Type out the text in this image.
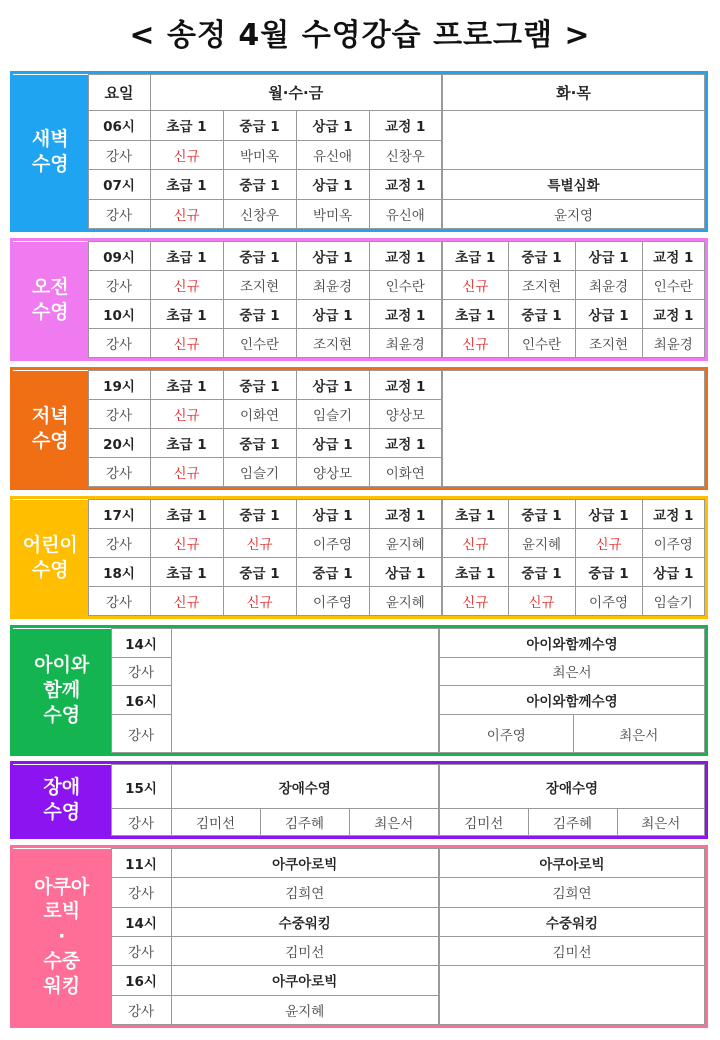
< 송정 4월 수영강습 프로그램 >
새벽
수영	요일	월·수·금				화·목
	06시	초급 1	중급 1	상급 1	교정 1	
	강사	신규	박미옥	유신애	신창우	
	07시	초급 1	중급 1	상급 1	교정 1	특별심화
	강사	신규	신창우	박미옥	유신애	윤지영
오전
수영	09시	초급 1	중급 1	상급 1	교정 1	초급 1	중급 1	상급 1	교정 1
	강사	신규	조지현	최윤경	인수란	신규	조지현	최윤경	인수란
	10시	초급 1	중급 1	상급 1	교정 1	초급 1	중급 1	상급 1	교정 1
	강사	신규	인수란	조지현	최윤경	신규	인수란	조지현	최윤경
저녁
수영	19시	초급 1	중급 1	상급 1	교정 1	
	강사	신규	이화연	임슬기	양상모	
	20시	초급 1	중급 1	상급 1	교정 1	
	강사	신규	임슬기	양상모	이화연	
어린이
수영	17시	초급 1	중급 1	상급 1	교정 1	초급 1	중급 1	상급 1	교정 1
	강사	신규	신규	이주영	윤지혜	신규	윤지혜	신규	이주영
	18시	초급 1	중급 1	중급 1	상급 1	초급 1	중급 1	중급 1	상급 1
	강사	신규	신규	이주영	윤지혜	신규	신규	이주영	임슬기
아이와
함께
수영	14시		아이와함께수영	
	강사		최은서	
	16시		아이와함께수영	
	강사		이주영	최은서
장애
수영	15시	장애수영			장애수영		
	강사	김미선	김주혜	최은서	김미선	김주혜	최은서
아쿠아
로빅
·
수중
워킹	11시	아쿠아로빅	아쿠아로빅
	강사	김희연	김희연
	14시	수중워킹	수중워킹
	강사	김미선	김미선
	16시	아쿠아로빅	
	강사	윤지혜	
